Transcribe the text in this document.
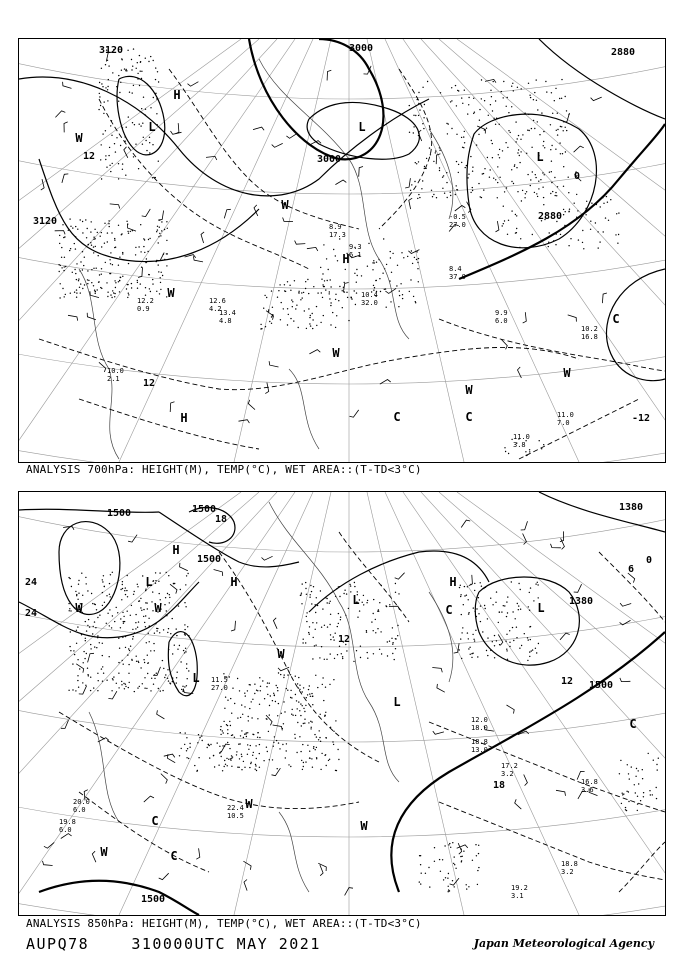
3000
3000
3120
3120	2880
2880
12
12
0
-12
H
L	L
L
H
H
C
C	C
W
W
W
W
W
W
10.2
16.8
11.0
7.0
11.0
3.8
12.6
4.2
13.4
4.8
8.9
17.3
9.3
6.1
10.4
32.0
8.4
37.0
-0.5
27.0
9.9
6.0
12.2
0.9
10.0
2.1
ANALYSIS 700hPa: HEIGHT(M), TEMP(°C), WET AREA::(T-TD<3°C)
1500	1500
1500
1500
1500
1380
1380
24
24
18
18
12
12
6
0
H
H
H
L
L
L
L
L
W
W
W
W
W
W
C
C
C
C
16.8
3.6
19.2
3.1
17.2
3.2
18.8
3.2
18.8
13.0
20.0
6.0	22.4
10.5
19.8
6.0
11.5
27.0
12.0
18.0
ANALYSIS 850hPa: HEIGHT(M), TEMP(°C), WET AREA::(T-TD<3°C)
AUPQ78	310000UTC MAY 2021	Japan Meteorological Agency
